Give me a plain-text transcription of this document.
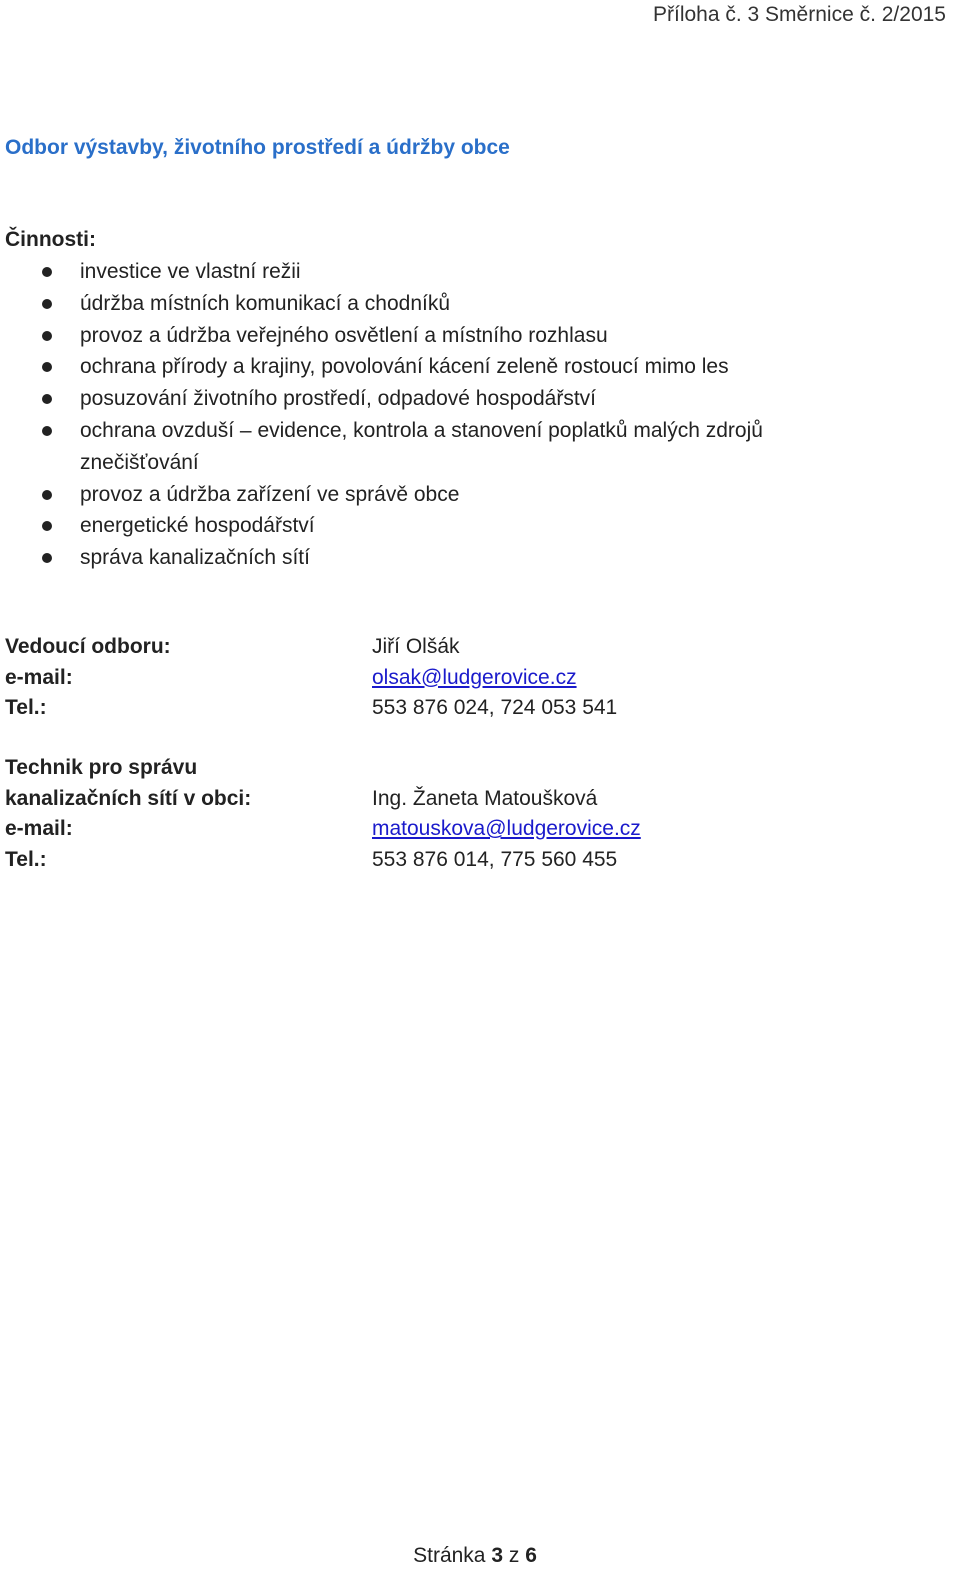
Příloha č. 3 Směrnice č. 2/2015
Odbor výstavby, životního prostředí a údržby obce
Činnosti:
investice ve vlastní režii
údržba místních komunikací a chodníků
provoz a údržba veřejného osvětlení a místního rozhlasu
ochrana přírody a krajiny, povolování kácení zeleně rostoucí mimo les
posuzování životního prostředí, odpadové hospodářství
ochrana ovzduší – evidence, kontrola a stanovení poplatků malých zdrojů znečišťování
provoz a údržba zařízení ve správě obce
energetické hospodářství
správa kanalizačních sítí
Vedoucí odboru:	Jiří Olšák
e-mail:	olsak@ludgerovice.cz
Tel.:	553 876 024, 724 053 541
Technik pro správu
kanalizačních sítí v obci:	Ing. Žaneta Matoušková
e-mail:	matouskova@ludgerovice.cz
Tel.:	553 876 014, 775 560 455
Stránka 3 z 6
